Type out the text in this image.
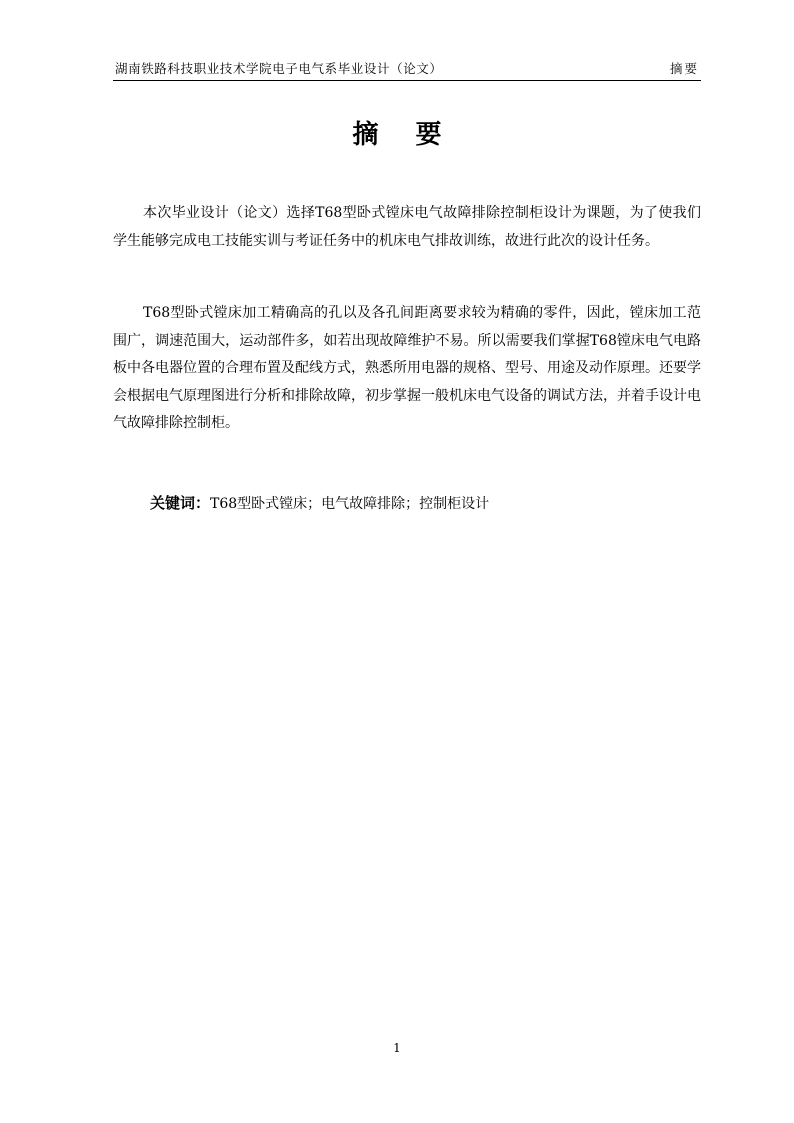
湖南铁路科技职业技术学院电子电气系毕业设计（论文）	摘要
摘 要

本次毕业设计（论文）选择T68型卧式镗床电气故障排除控制柜设计为课题，为了使我们学生能够完成电工技能实训与考证任务中的机床电气排故训练，故进行此次的设计任务。

T68型卧式镗床加工精确高的孔以及各孔间距离要求较为精确的零件，因此，镗床加工范围广，调速范围大，运动部件多，如若出现故障维护不易。所以需要我们掌握T68镗床电气电路板中各电器位置的合理布置及配线方式，熟悉所用电器的规格、型号、用途及动作原理。还要学会根据电气原理图进行分析和排除故障，初步掌握一般机床电气设备的调试方法，并着手设计电气故障排除控制柜。

关键词：T68型卧式镗床；电气故障排除；控制柜设计
1
